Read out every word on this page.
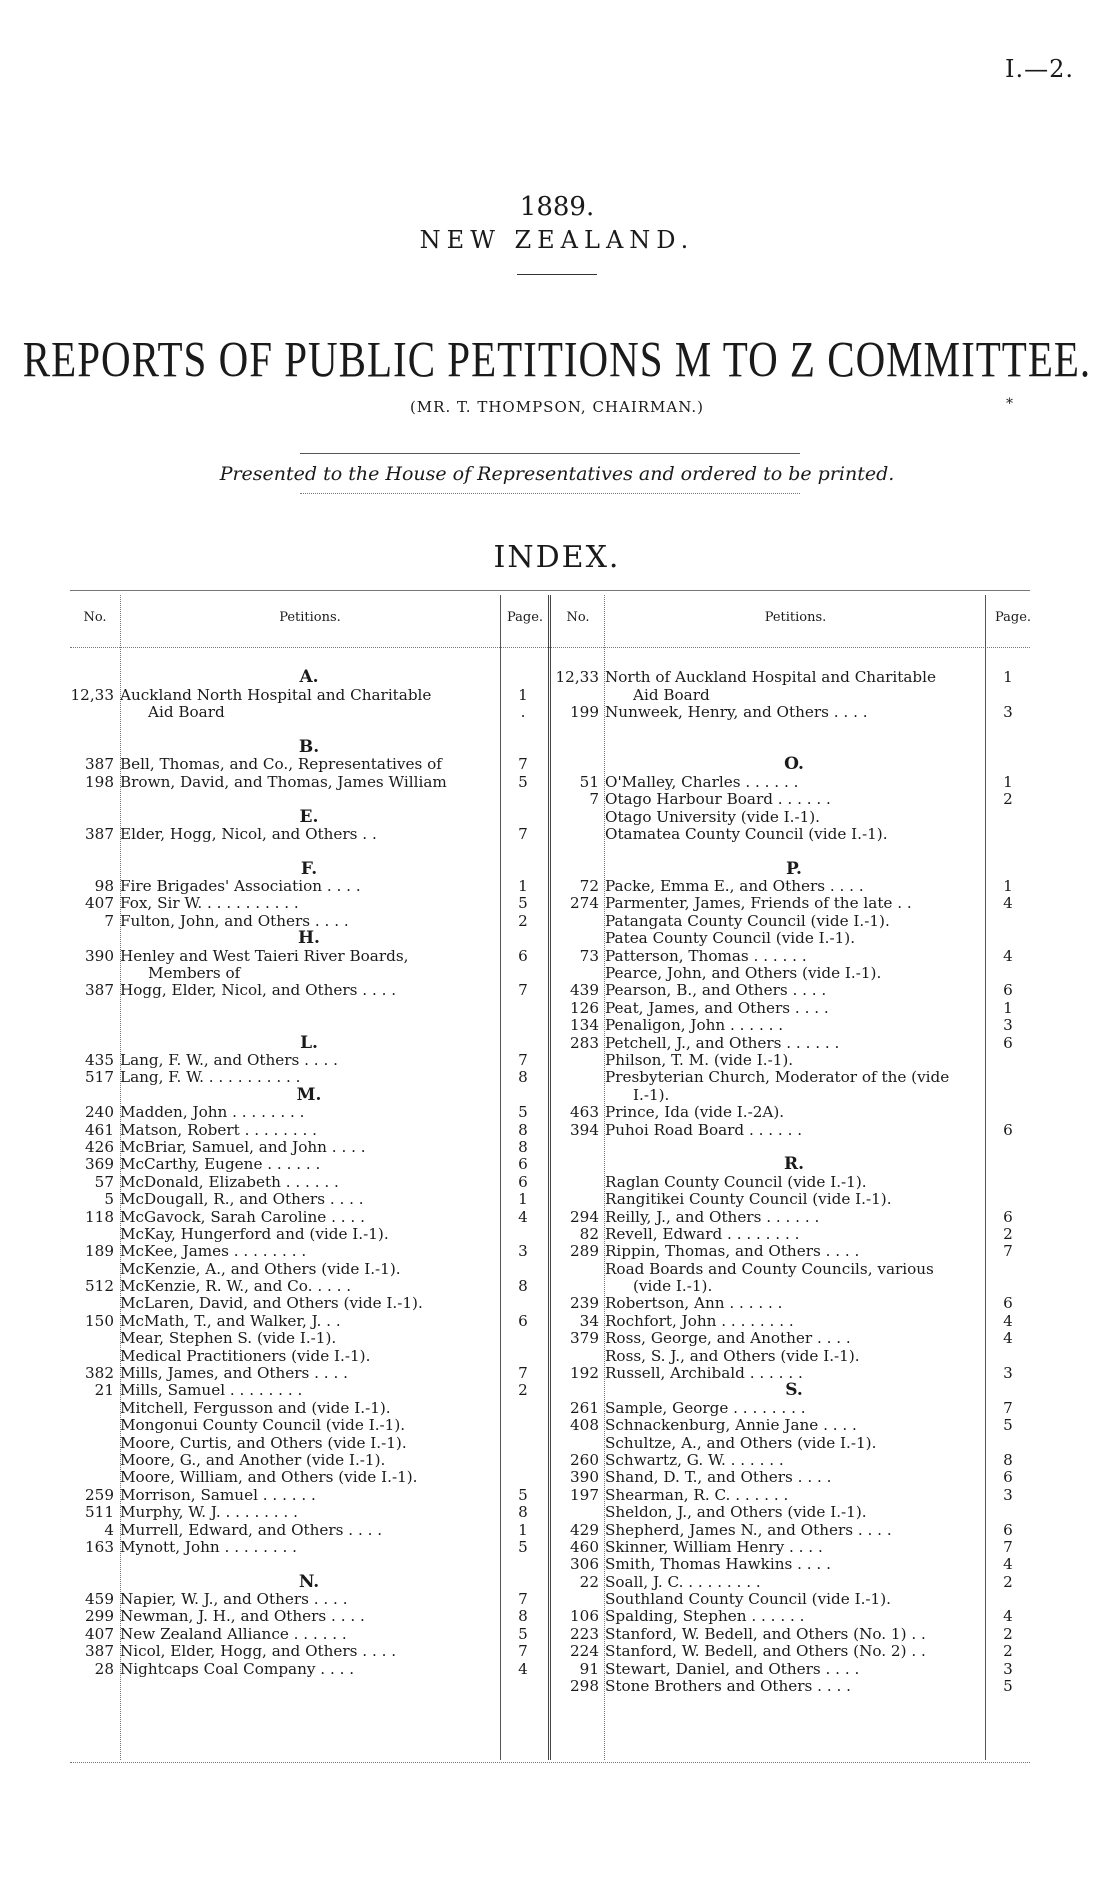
I.—2.
1889.
NEW ZEALAND.
REPORTS OF PUBLIC PETITIONS M TO Z COMMITTEE.
(MR. T. THOMPSON, CHAIRMAN.)	*
Presented to the House of Representatives and ordered to be printed.
INDEX.
No.	Petitions.	Page.	No.	Petitions.	Page.
A.
12,33 Auckland North Hospital and Charitable	1
Aid Board	.
B.
387 Bell, Thomas, and Co., Representatives of	7
198 Brown, David, and Thomas, James William	5
E.
387 Elder, Hogg, Nicol, and Others . .	7
F.
98 Fire Brigades' Association . . . .	1
407 Fox, Sir W. . . . . . . . . . .	5
7 Fulton, John, and Others . . . .	2
H.
390 Henley and West Taieri River Boards,	6
Members of
387 Hogg, Elder, Nicol, and Others . . . .	7
L.
435 Lang, F. W., and Others . . . .	7
517 Lang, F. W. . . . . . . . . . .	8
M.
240 Madden, John . . . . . . . .	5
461 Matson, Robert . . . . . . . .	8
426 McBriar, Samuel, and John . . . .	8
369 McCarthy, Eugene . . . . . .	6
57 McDonald, Elizabeth . . . . . .	6
5 McDougall, R., and Others . . . .	1
118 McGavock, Sarah Caroline . . . .	4
McKay, Hungerford and (vide I.-1).
189 McKee, James . . . . . . . .	3
McKenzie, A., and Others (vide I.-1).
512 McKenzie, R. W., and Co. . . . .	8
McLaren, David, and Others (vide I.-1).
150 McMath, T., and Walker, J. . .	6
Mear, Stephen S. (vide I.-1).
Medical Practitioners (vide I.-1).
382 Mills, James, and Others . . . .	7
21 Mills, Samuel . . . . . . . .	2
Mitchell, Fergusson and (vide I.-1).
Mongonui County Council (vide I.-1).
Moore, Curtis, and Others (vide I.-1).
Moore, G., and Another (vide I.-1).
Moore, William, and Others (vide I.-1).
259 Morrison, Samuel . . . . . .	5
511 Murphy, W. J. . . . . . . . .	8
4 Murrell, Edward, and Others . . . .	1
163 Mynott, John . . . . . . . .	5
N.
459 Napier, W. J., and Others . . . .	7
299 Newman, J. H., and Others . . . .	8
407 New Zealand Alliance . . . . . .	5
387 Nicol, Elder, Hogg, and Others . . . .	7
28 Nightcaps Coal Company . . . .	4
12,33 North of Auckland Hospital and Charitable	1
Aid Board
199 Nunweek, Henry, and Others . . . .	3
O.
51 O'Malley, Charles . . . . . .	1
7 Otago Harbour Board . . . . . .	2
Otago University (vide I.-1).
Otamatea County Council (vide I.-1).
P.
72 Packe, Emma E., and Others . . . .	1
274 Parmenter, James, Friends of the late . .	4
Patangata County Council (vide I.-1).
Patea County Council (vide I.-1).
73 Patterson, Thomas . . . . . .	4
Pearce, John, and Others (vide I.-1).
439 Pearson, B., and Others . . . .	6
126 Peat, James, and Others . . . .	1
134 Penaligon, John . . . . . .	3
283 Petchell, J., and Others . . . . . .	6
Philson, T. M. (vide I.-1).
Presbyterian Church, Moderator of the (vide
I.-1).
463 Prince, Ida (vide I.-2A).
394 Puhoi Road Board . . . . . .	6
R.
Raglan County Council (vide I.-1).
Rangitikei County Council (vide I.-1).
294 Reilly, J., and Others . . . . . .	6
82 Revell, Edward . . . . . . . .	2
289 Rippin, Thomas, and Others . . . .	7
Road Boards and County Councils, various
(vide I.-1).
239 Robertson, Ann . . . . . .	6
34 Rochfort, John . . . . . . . .	4
379 Ross, George, and Another . . . .	4
Ross, S. J., and Others (vide I.-1).
192 Russell, Archibald . . . . . .	3
S.
261 Sample, George . . . . . . . .	7
408 Schnackenburg, Annie Jane . . . .	5
Schultze, A., and Others (vide I.-1).
260 Schwartz, G. W. . . . . . .	8
390 Shand, D. T., and Others . . . .	6
197 Shearman, R. C. . . . . . .	3
Sheldon, J., and Others (vide I.-1).
429 Shepherd, James N., and Others . . . .	6
460 Skinner, William Henry . . . .	7
306 Smith, Thomas Hawkins . . . .	4
22 Soall, J. C. . . . . . . . .	2
Southland County Council (vide I.-1).
106 Spalding, Stephen . . . . . .	4
223 Stanford, W. Bedell, and Others (No. 1) . .	2
224 Stanford, W. Bedell, and Others (No. 2) . .	2
91 Stewart, Daniel, and Others . . . .	3
298 Stone Brothers and Others . . . .	5
